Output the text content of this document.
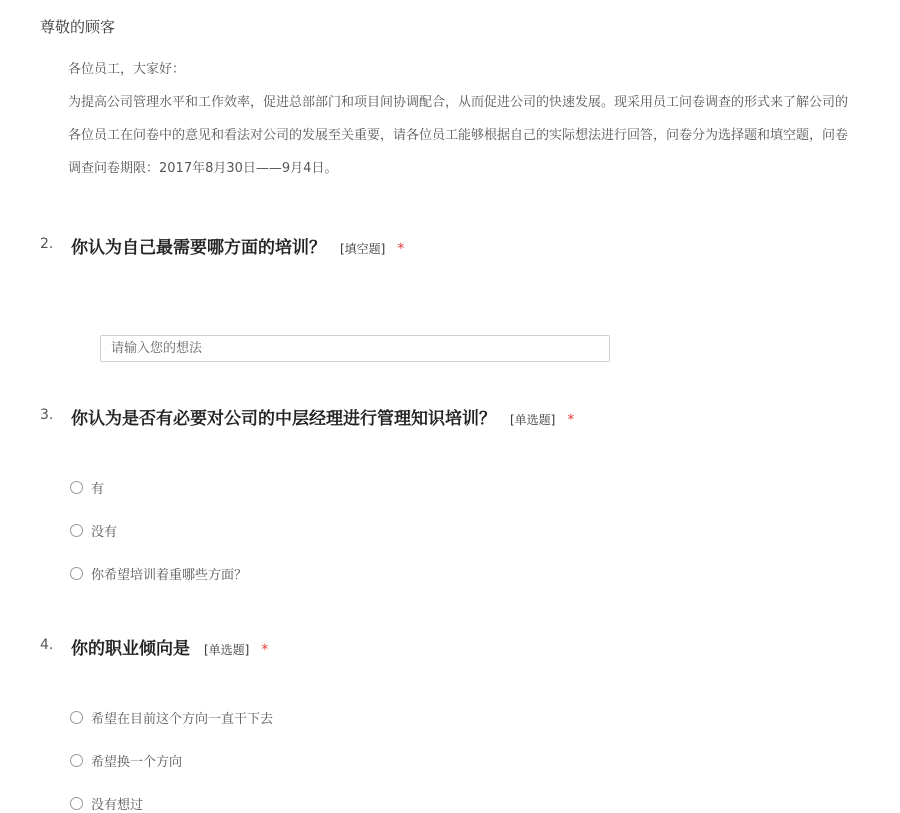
尊敬的顾客
各位员工，大家好：
为提高公司管理水平和工作效率，促进总部部门和项目间协调配合，从而促进公司的快速发展。现采用员工问卷调查的形式来了解公司的
各位员工在问卷中的意见和看法对公司的发展至关重要，请各位员工能够根据自己的实际想法进行回答，问卷分为选择题和填空题，问卷
调查问卷期限：2017年8月30日——9月4日。
2. 你认为自己最需要哪方面的培训？ [填空题] *
请输入您的想法
3. 你认为是否有必要对公司的中层经理进行管理知识培训？ [单选题] *
有
没有
你希望培训着重哪些方面？
4. 你的职业倾向是 [单选题] *
希望在目前这个方向一直干下去
希望换一个方向
没有想过
